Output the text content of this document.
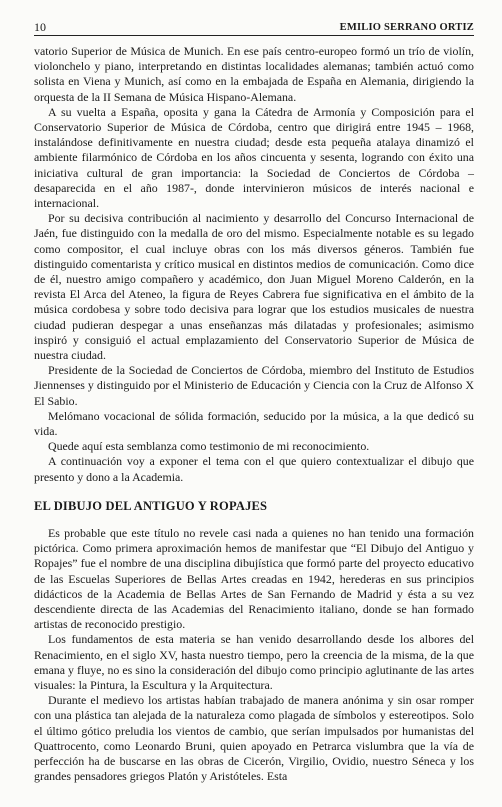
10	EMILIO SERRANO ORTIZ

vatorio Superior de Música de Munich. En ese país centro-europeo formó un trío de violín, violonchelo y piano, interpretando en distintas localidades alemanas; también actuó como solista en Viena y Munich, así como en la embajada de España en Alemania, dirigiendo la orquesta de la II Semana de Música Hispano-Alemana.

A su vuelta a España, oposita y gana la Cátedra de Armonía y Composición para el Conservatorio Superior de Música de Córdoba, centro que dirigirá entre 1945 – 1968, instalándose definitivamente en nuestra ciudad; desde esta pequeña atalaya dinamizó el ambiente filarmónico de Córdoba en los años cincuenta y sesenta, logrando con éxito una iniciativa cultural de gran importancia: la Sociedad de Conciertos de Córdoba – desaparecida en el año 1987-, donde intervinieron músicos de interés nacional e internacional.

Por su decisiva contribución al nacimiento y desarrollo del Concurso Internacional de Jaén, fue distinguido con la medalla de oro del mismo. Especialmente notable es su legado como compositor, el cual incluye obras con los más diversos géneros. También fue distinguido comentarista y crítico musical en distintos medios de comunicación. Como dice de él, nuestro amigo compañero y académico, don Juan Miguel Moreno Calderón, en la revista El Arca del Ateneo, la figura de Reyes Cabrera fue significativa en el ámbito de la música cordobesa y sobre todo decisiva para lograr que los estudios musicales de nuestra ciudad pudieran despegar a unas enseñanzas más dilatadas y profesionales; asimismo inspiró y consiguió el actual emplazamiento del Conservatorio Superior de Música de nuestra ciudad.

Presidente de la Sociedad de Conciertos de Córdoba, miembro del Instituto de Estudios Jiennenses y distinguido por el Ministerio de Educación y Ciencia con la Cruz de Alfonso X El Sabio.

Melómano vocacional de sólida formación, seducido por la música, a la que dedicó su vida.

Quede aquí esta semblanza como testimonio de mi reconocimiento.

A continuación voy a exponer el tema con el que quiero contextualizar el dibujo que presento y dono a la Academia.

EL DIBUJO DEL ANTIGUO Y ROPAJES

Es probable que este título no revele casi nada a quienes no han tenido una formación pictórica. Como primera aproximación hemos de manifestar que “El Dibujo del Antiguo y Ropajes” fue el nombre de una disciplina dibujística que formó parte del proyecto educativo de las Escuelas Superiores de Bellas Artes creadas en 1942, herederas en sus principios didácticos de la Academia de Bellas Artes de San Fernando de Madrid y ésta a su vez descendiente directa de las Academias del Renacimiento italiano, donde se han formado artistas de reconocido prestigio.

Los fundamentos de esta materia se han venido desarrollando desde los albores del Renacimiento, en el siglo XV, hasta nuestro tiempo, pero la creencia de la misma, de la que emana y fluye, no es sino la consideración del dibujo como principio aglutinante de las artes visuales: la Pintura, la Escultura y la Arquitectura.

Durante el medievo los artistas habían trabajado de manera anónima y sin osar romper con una plástica tan alejada de la naturaleza como plagada de símbolos y estereotipos. Solo el último gótico preludia los vientos de cambio, que serían impulsados por humanistas del Quattrocento, como Leonardo Bruni, quien apoyado en Petrarca vislumbra que la vía de perfección ha de buscarse en las obras de Cicerón, Virgilio, Ovidio, nuestro Séneca y los grandes pensadores griegos Platón y Aristóteles. Esta
